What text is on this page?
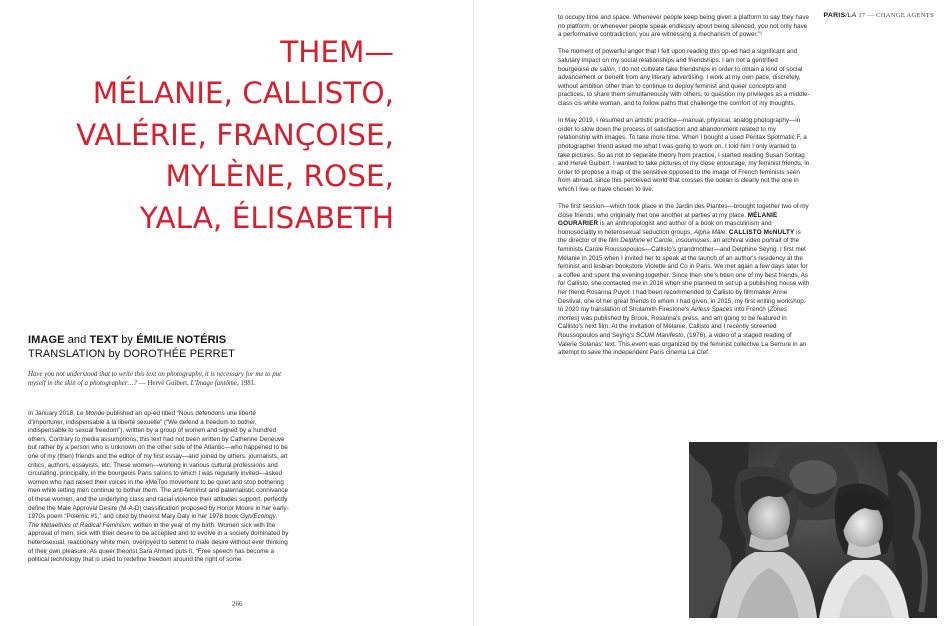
THEM—
MÉLANIE, CALLISTO,
VALÉRIE, FRANÇOISE,
MYLÈNE, ROSE,
YALA, ÉLISABETH
IMAGE and TEXT by ÉMILIE NOTÉRIS
TRANSLATION by DOROTHÉE PERRET

Have you not understood that to write this text on photography, it is necessary for me to put myself in the skin of a photographer…? — Hervé Guibert, L'Image fantôme, 1981.

In January 2018, Le Monde published an op-ed titled “Nous défendons une liberté d'importuner, indispensable à la liberté sexuelle” (“We defend a freedom to bother, indispensable to sexual freedom”), written by a group of women and signed by a hundred others. Contrary to media assumptions, this text had not been written by Catherine Deneuve but rather by a person who is unknown on the other side of the Atlantic—who happened to be one of my (then) friends and the editor of my first essay—and joined by others: journalists, art critics, authors, essayists, etc. These women—working in various cultural professions and circulating, principally, in the bourgeois Paris salons to which I was regularly invited—asked women who had raised their voices in the #MeToo movement to be quiet and stop bothering men while letting men continue to bother them. The anti-feminist and paternalistic connivance of these women, and the underlying class and racial violence their attitudes support, perfectly define the Male Approval Desire (M-A-D) classification proposed by Honor Moore in her early-1970s poem “Polemic #1,” and cited by theorist Mary Daly in her 1978 book Gyn/Ecology: The Metaethics of Radical Feminism, written in the year of my birth. Women sick with the approval of men, sick with their desire to be accepted and to evolve in a society dominated by heterosexual, reactionary white men, overjoyed to submit to male desire without ever thinking of their own pleasure. As queer theorist Sara Ahmed puts it, “Free speech has become a political technology that is used to redefine freedom around the right of some

266
PARIS/LA 17 — CHANGE AGENTS

to occupy time and space. Whenever people keep being given a platform to say they have no platform, or whenever people speak endlessly about being silenced, you not only have a performative contradiction; you are witnessing a mechanism of power.”¹

The moment of powerful anger that I felt upon reading this op-ed had a significant and salutary impact on my social relationships and friendships. I am not a gentrified bourgeoise de salon, I do not cultivate fake friendships in order to obtain a kind of social advancement or benefit from any literary advertising. I work at my own pace, discretely, without ambition other than to continue to deploy feminist and queer concepts and practices, to share them simultaneously with others, to question my privileges as a middle-class cis white woman, and to follow paths that challenge the comfort of my thoughts.

In May 2019, I resumed an artistic practice—manual, physical, analog photography—in order to slow down the process of satisfaction and abandonment related to my relationship with images. To take more time. When I bought a used Pentax Spotmatic F, a photographer friend asked me what I was going to work on. I told him I only wanted to take pictures. So as not to separate theory from practice, I started reading Susan Sontag and Hervé Guibert. I wanted to take pictures of my close entourage, my feminist friends, in order to propose a map of the sensitive opposed to the image of French feminists seen from abroad, since this perceived world that crosses the ocean is clearly not the one in which I live or have chosen to live.

The first session—which took place in the Jardin des Plantes—brought together two of my close friends, who originally met one another at parties at my place. MÉLANIE GOURARIER is an anthropologist and author of a book on masculinism and homosociality in heterosexual seduction groups, Alpha Mâle. CALLISTO McNULTY is the director of the film Delphine et Carole, insoumuses, an archival video portrait of the feminists Carole Roussopoulos—Callisto's grandmother—and Delphine Seyrig. I first met Mélanie in 2015 when I invited her to speak at the launch of an author's residency at the feminist and lesbian bookstore Violette and Co in Paris. We met again a few days later for a coffee and spent the evening together. Since then she's been one of my best friends. As for Callisto, she contacted me in 2016 when she planned to set up a publishing house with her friend Rosanna Puyol. I had been recommended to Callisto by filmmaker Anne Destival, one of her great friends to whom I had given, in 2015, my first writing workshop. In 2020 my translation of Shulamith Firestone's Airless Spaces into French (Zones mortes) was published by Brook, Rosanna's press, and am going to be featured in Callisto's next film. At the invitation of Mélanie, Callisto and I recently screened Roussopoulos and Seyrig's SCUM Manifesto, (1976), a video of a staged reading of Valerie Solanas' text. This event was organized by the feminist collective La Serrure in an attempt to save the independent Paris cinema La Clef.

267
